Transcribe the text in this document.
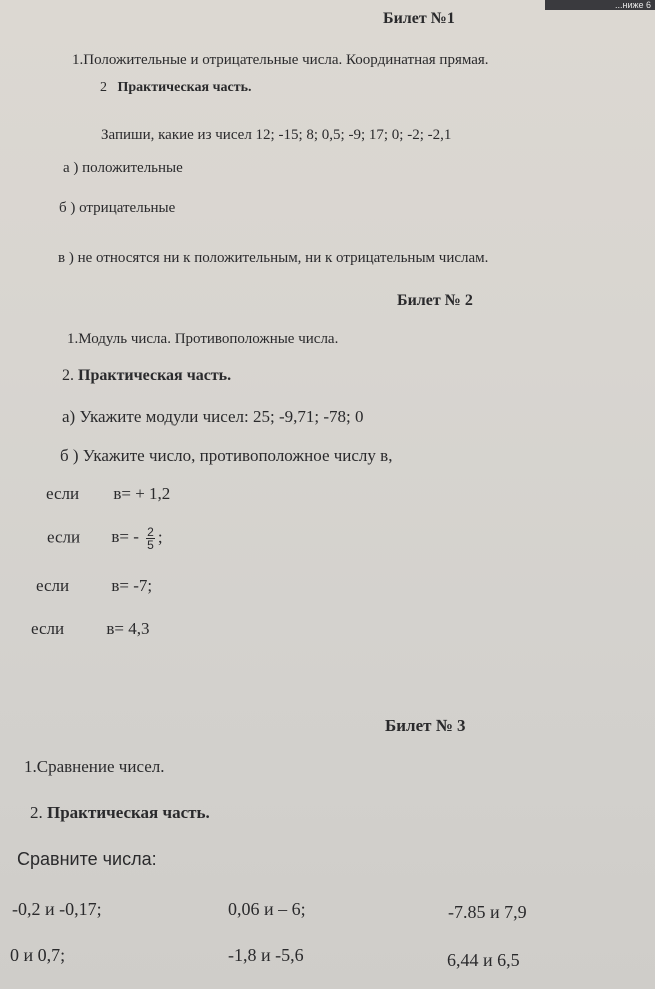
...ниже 6
Билет №1
1.Положительные и отрицательные числа. Координатная прямая.
2 Практическая часть.
Запиши, какие из чисел 12; -15; 8; 0,5; -9; 17; 0; -2; -2,1
а ) положительные
б ) отрицательные
в ) не относятся ни к положительным, ни к отрицательным числам.
Билет № 2
1.Модуль числа. Противоположные числа.
2. Практическая часть.
а) Укажите модули чисел: 25; -9,71; -78; 0
б ) Укажите число, противоположное числу в,
если в= + 1,2
если $в= - \frac{2}{5}$ ;
если в= -7;
если в= 4,3
Билет № 3
1.Сравнение чисел.
2. Практическая часть.
Сравните числа:
-0,2 и -0,17;	0,06 и – 6;	-7.85 и 7,9
0 и 0,7;	-1,8 и -5,6	6,44 и 6,5
